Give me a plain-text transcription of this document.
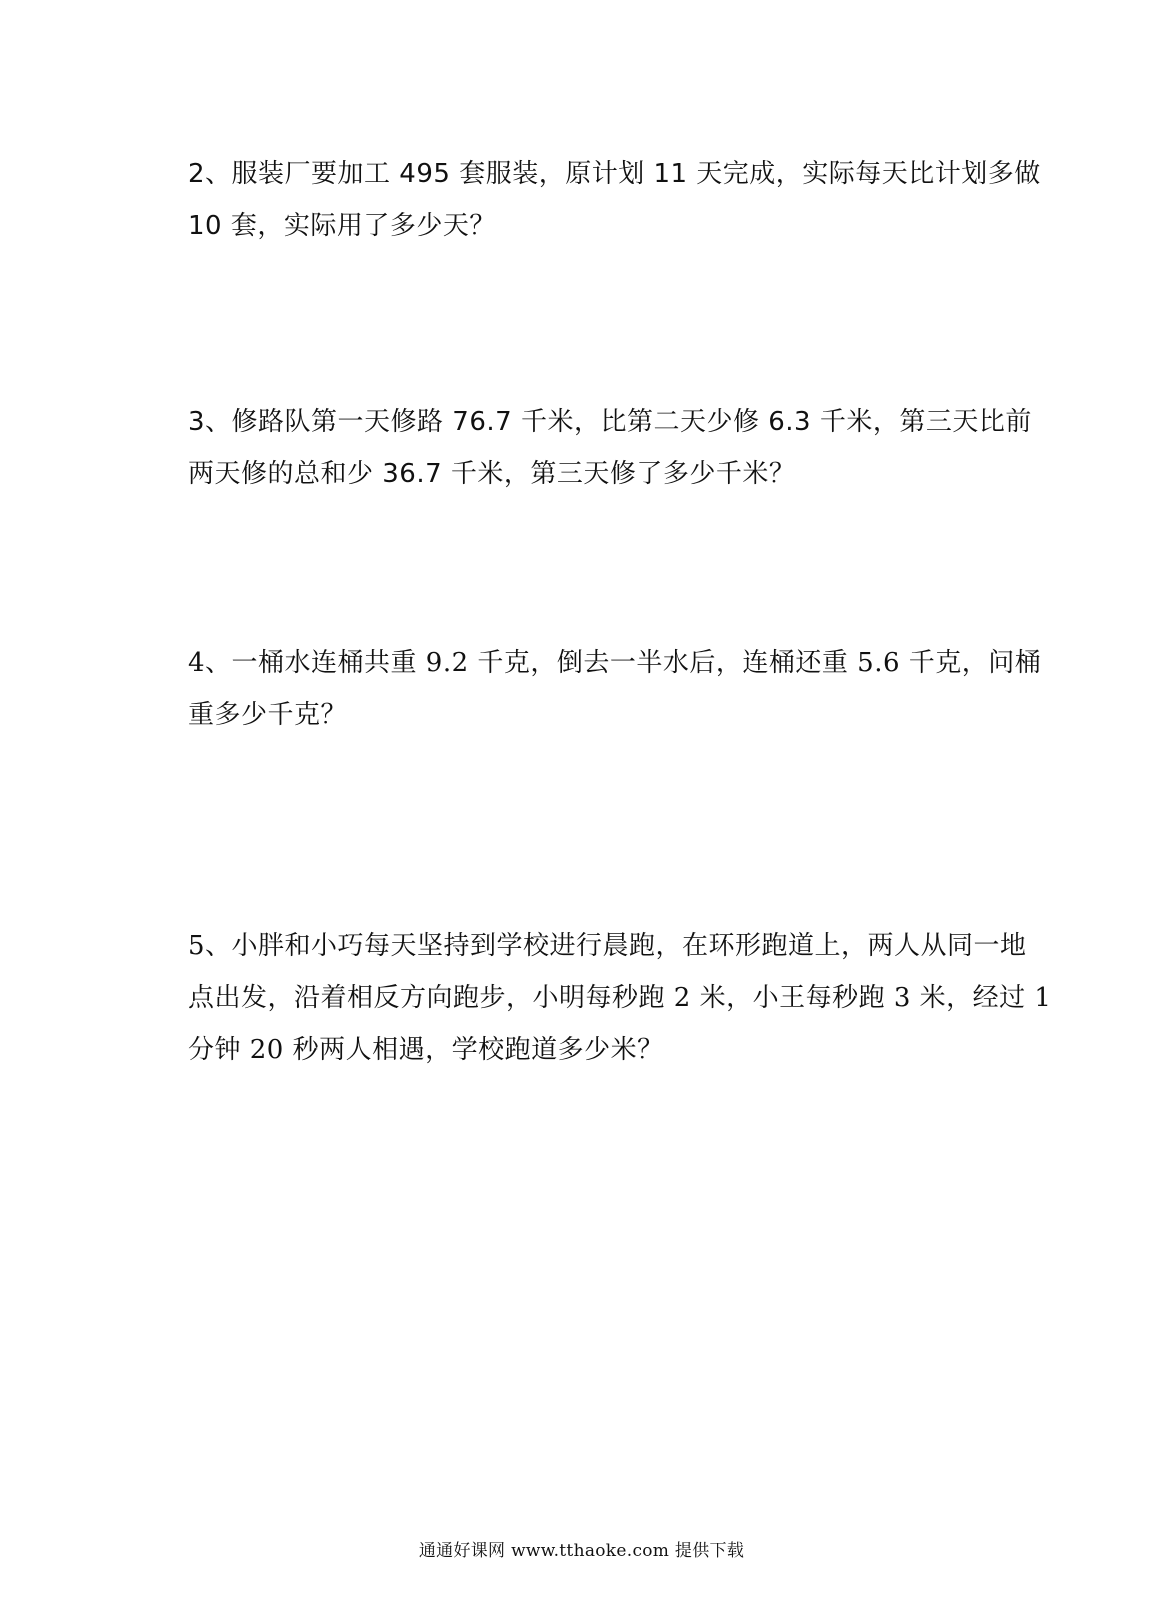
2、服装厂要加工 495 套服装，原计划 11 天完成，实际每天比计划多做
10 套，实际用了多少天？
3、修路队第一天修路 76.7 千米，比第二天少修 6.3 千米，第三天比前
两天修的总和少 36.7 千米，第三天修了多少千米？
4、一桶水连桶共重 9.2 千克，倒去一半水后，连桶还重 5.6 千克，问桶
重多少千克？
5、小胖和小巧每天坚持到学校进行晨跑，在环形跑道上，两人从同一地
点出发，沿着相反方向跑步，小明每秒跑 2 米，小王每秒跑 3 米，经过 1
分钟 20 秒两人相遇，学校跑道多少米？
通通好课网 www.tthaoke.com 提供下载
